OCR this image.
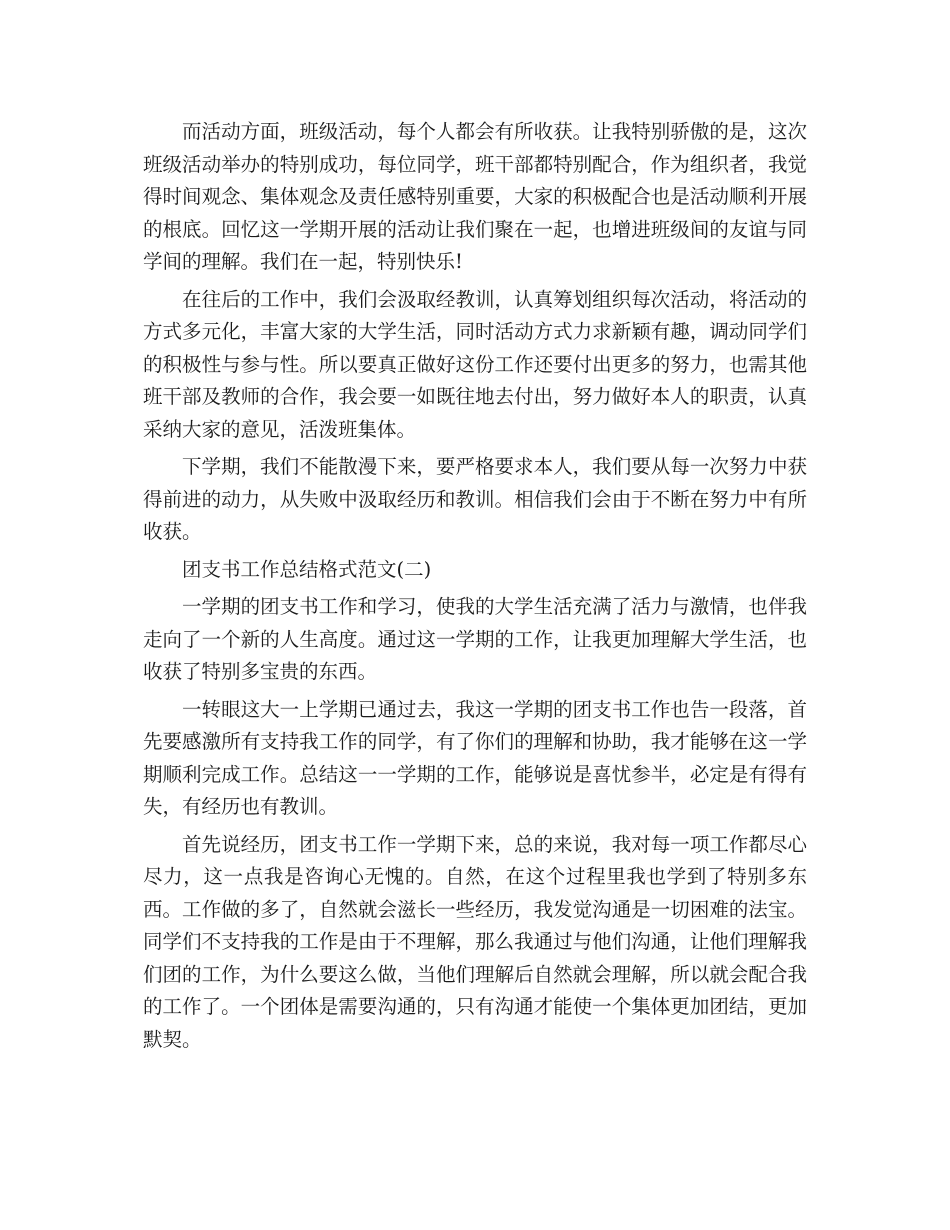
而活动方面，班级活动，每个人都会有所收获。让我特别骄傲的是，这次班级活动举办的特别成功，每位同学，班干部都特别配合，作为组织者，我觉得时间观念、集体观念及责任感特别重要，大家的积极配合也是活动顺利开展的根底。回忆这一学期开展的活动让我们聚在一起，也增进班级间的友谊与同学间的理解。我们在一起，特别快乐!

在往后的工作中，我们会汲取经教训，认真筹划组织每次活动，将活动的方式多元化，丰富大家的大学生活，同时活动方式力求新颖有趣，调动同学们的积极性与参与性。所以要真正做好这份工作还要付出更多的努力，也需其他班干部及教师的合作，我会要一如既往地去付出，努力做好本人的职责，认真采纳大家的意见，活泼班集体。

下学期，我们不能散漫下来，要严格要求本人，我们要从每一次努力中获得前进的动力，从失败中汲取经历和教训。相信我们会由于不断在努力中有所收获。

团支书工作总结格式范文(二)

一学期的团支书工作和学习，使我的大学生活充满了活力与激情，也伴我走向了一个新的人生高度。通过这一学期的工作，让我更加理解大学生活，也收获了特别多宝贵的东西。

一转眼这大一上学期已通过去，我这一学期的团支书工作也告一段落，首先要感激所有支持我工作的同学，有了你们的理解和协助，我才能够在这一学期顺利完成工作。总结这一一学期的工作，能够说是喜忧参半，必定是有得有失，有经历也有教训。

首先说经历，团支书工作一学期下来，总的来说，我对每一项工作都尽心尽力，这一点我是咨询心无愧的。自然，在这个过程里我也学到了特别多东西。工作做的多了，自然就会滋长一些经历，我发觉沟通是一切困难的法宝。同学们不支持我的工作是由于不理解，那么我通过与他们沟通，让他们理解我们团的工作，为什么要这么做，当他们理解后自然就会理解，所以就会配合我的工作了。一个团体是需要沟通的，只有沟通才能使一个集体更加团结，更加默契。
